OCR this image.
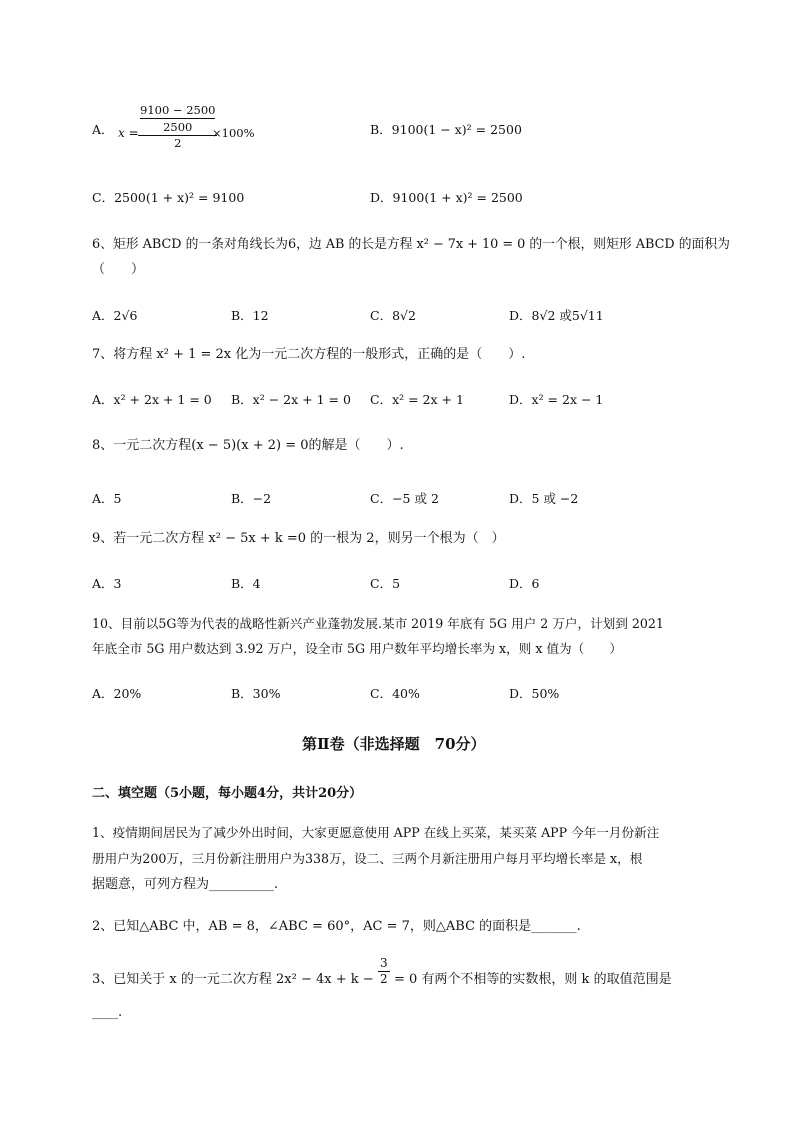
A． x = 9100 − 2500
2500
2
×100%	B．9100(1 − x)² = 2500
C．2500(1 + x)² = 9100	D．9100(1 + x)² = 2500
6、矩形 ABCD 的一条对角线长为6，边 AB 的长是方程 x² − 7x + 10 = 0 的一个根，则矩形 ABCD 的面积为
（　　）
A．2√6	B．12	C．8√2	D．8√2 或5√11
7、将方程 x² + 1 = 2x 化为一元二次方程的一般形式，正确的是（　　）.
A．x² + 2x + 1 = 0 B．x² − 2x + 1 = 0 C．x² = 2x + 1	D．x² = 2x − 1
8、一元二次方程(x − 5)(x + 2) = 0的解是（　　）.
A．5	B．−2	C．−5 或 2	D．5 或 −2
9、若一元二次方程 x² − 5x + k =0 的一根为 2，则另一个根为（　）
A．3	B．4	C．5	D．6
10、目前以5G等为代表的战略性新兴产业蓬勃发展.某市 2019 年底有 5G 用户 2 万户，计划到 2021
年底全市 5G 用户数达到 3.92 万户，设全市 5G 用户数年平均增长率为 x，则 x 值为（　　）
A．20%	B．30%	C．40%	D．50%
第Ⅱ卷（非选择题　70分）
二、填空题（5小题，每小题4分，共计20分）
1、疫情期间居民为了减少外出时间，大家更愿意使用 APP 在线上买菜，某买菜 APP 今年一月份新注
册用户为200万，三月份新注册用户为338万，设二、三两个月新注册用户每月平均增长率是 x，根
据题意，可列方程为__________.
2、已知△ABC 中，AB = 8，∠ABC = 60°，AC = 7，则△ABC 的面积是_______.
3、已知关于 x 的一元二次方程 $2x^2 - 4x + k - \frac{3}{2} = 0$ 有两个不相等的实数根，则 k 的取值范围是
____.
